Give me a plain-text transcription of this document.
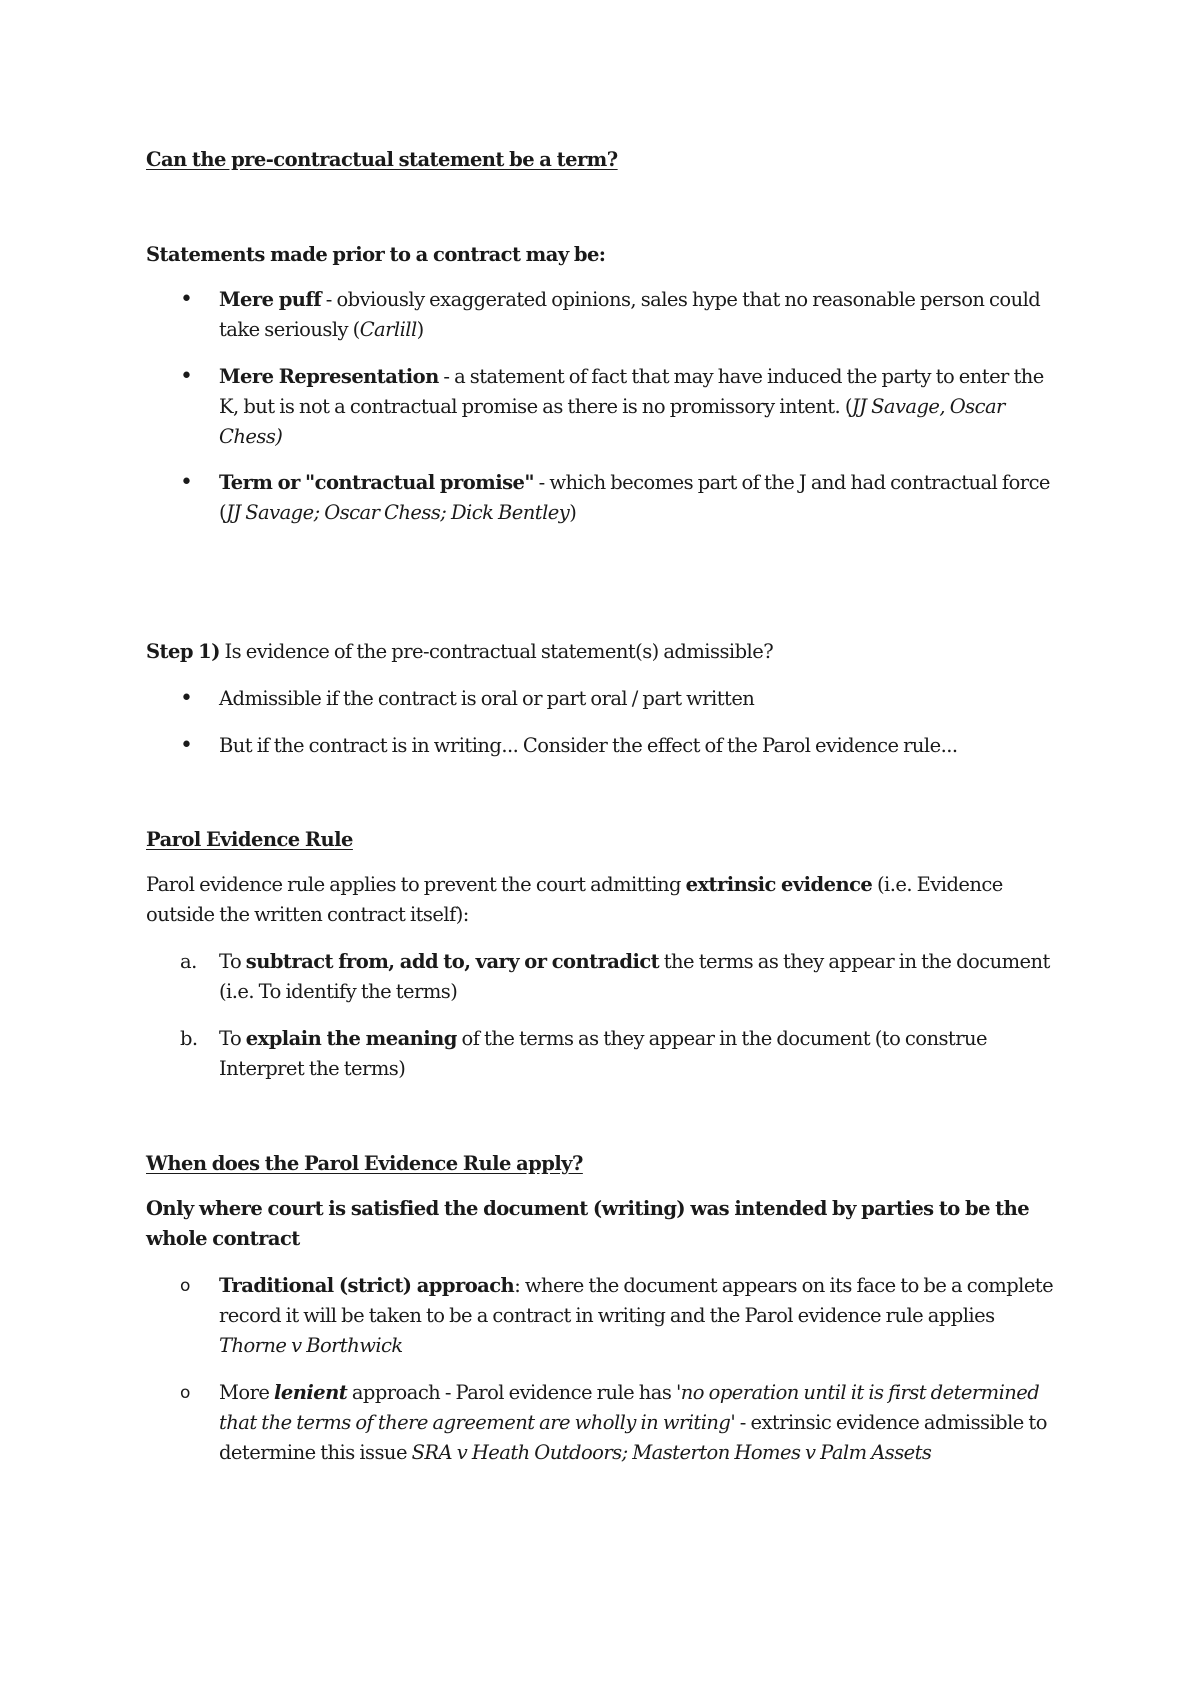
Can the pre-contractual statement be a term?
Statements made prior to a contract may be:
•	Mere puff - obviously exaggerated opinions, sales hype that no reasonable person could take seriously (Carlill)
•	Mere Representation - a statement of fact that may have induced the party to enter the K, but is not a contractual promise as there is no promissory intent. (JJ Savage, Oscar Chess)
•	Term or "contractual promise" - which becomes part of the J and had contractual force (JJ Savage; Oscar Chess; Dick Bentley)
Step 1) Is evidence of the pre-contractual statement(s) admissible?
•	Admissible if the contract is oral or part oral / part written
•	But if the contract is in writing... Consider the effect of the Parol evidence rule...
Parol Evidence Rule
Parol evidence rule applies to prevent the court admitting extrinsic evidence (i.e. Evidence outside the written contract itself):
a.	To subtract from, add to, vary or contradict the terms as they appear in the document (i.e. To identify the terms)
b.	To explain the meaning of the terms as they appear in the document (to construe Interpret the terms)
When does the Parol Evidence Rule apply?
Only where court is satisfied the document (writing) was intended by parties to be the whole contract
o	Traditional (strict) approach: where the document appears on its face to be a complete record it will be taken to be a contract in writing and the Parol evidence rule applies Thorne v Borthwick
o	More lenient approach - Parol evidence rule has 'no operation until it is first determined that the terms of there agreement are wholly in writing' - extrinsic evidence admissible to determine this issue SRA v Heath Outdoors; Masterton Homes v Palm Assets
